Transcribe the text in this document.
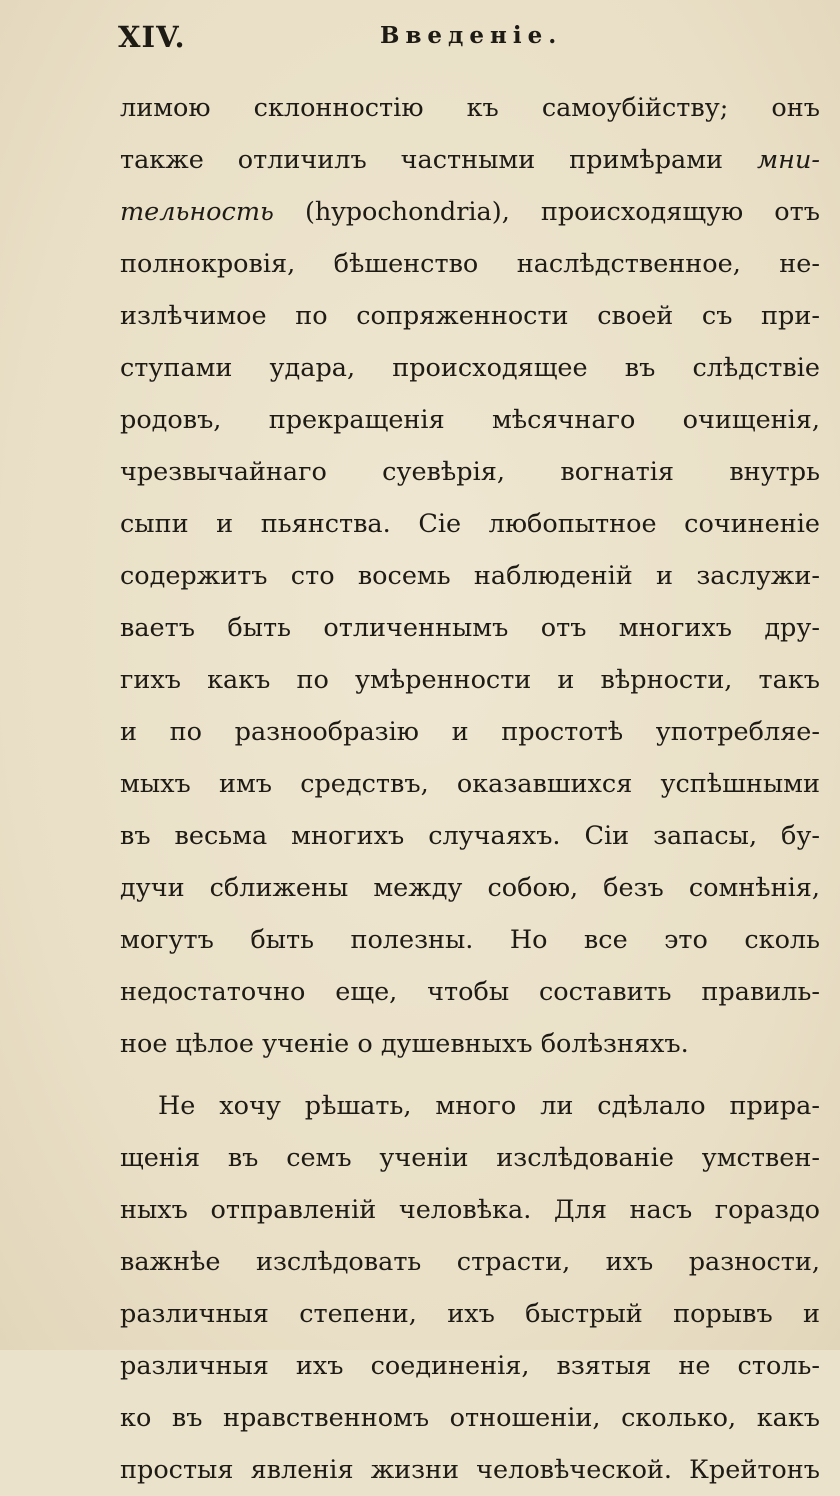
XIV.	Введенiе.
лимою склонностiю къ самоубiйству; онъ
также отличилъ частными примѣрами мни-
тельность (hypochondria), происходящую отъ
полнокровiя, бѣшенство наслѣдственное, не-
излѣчимое по сопряженности своей съ при-
ступами удара, происходящее въ слѣдствiе
родовъ, прекращенiя мѣсячнаго очищенiя,
чрезвычайнаго суевѣрiя, вогнатiя внутрь
сыпи и пьянства. Сiе любопытное сочиненiе
содержитъ сто восемь наблюденiй и заслужи-
ваетъ быть отличеннымъ отъ многихъ дру-
гихъ какъ по умѣренности и вѣрности, такъ
и по разнообразiю и простотѣ употребляе-
мыхъ имъ средствъ, оказавшихся успѣшными
въ весьма многихъ случаяхъ. Сiи запасы, бу-
дучи сближены между собою, безъ сомнѣнiя,
могутъ быть полезны. Но все это сколь
недостаточно еще, чтобы составить правиль-
ное цѣлое ученiе о душевныхъ болѣзняхъ.
Не хочу рѣшать, много ли сдѣлало прира-
щенiя въ семъ ученiи изслѣдованiе умствен-
ныхъ отправленiй человѣка. Для насъ гораздо
важнѣе изслѣдовать страсти, ихъ разности,
различныя степени, ихъ быстрый порывъ и
различныя ихъ соединенiя, взятыя не столь-
ко въ нравственномъ отношенiи, сколько, какъ
простыя явленiя жизни человѣческой. Крейтонъ
